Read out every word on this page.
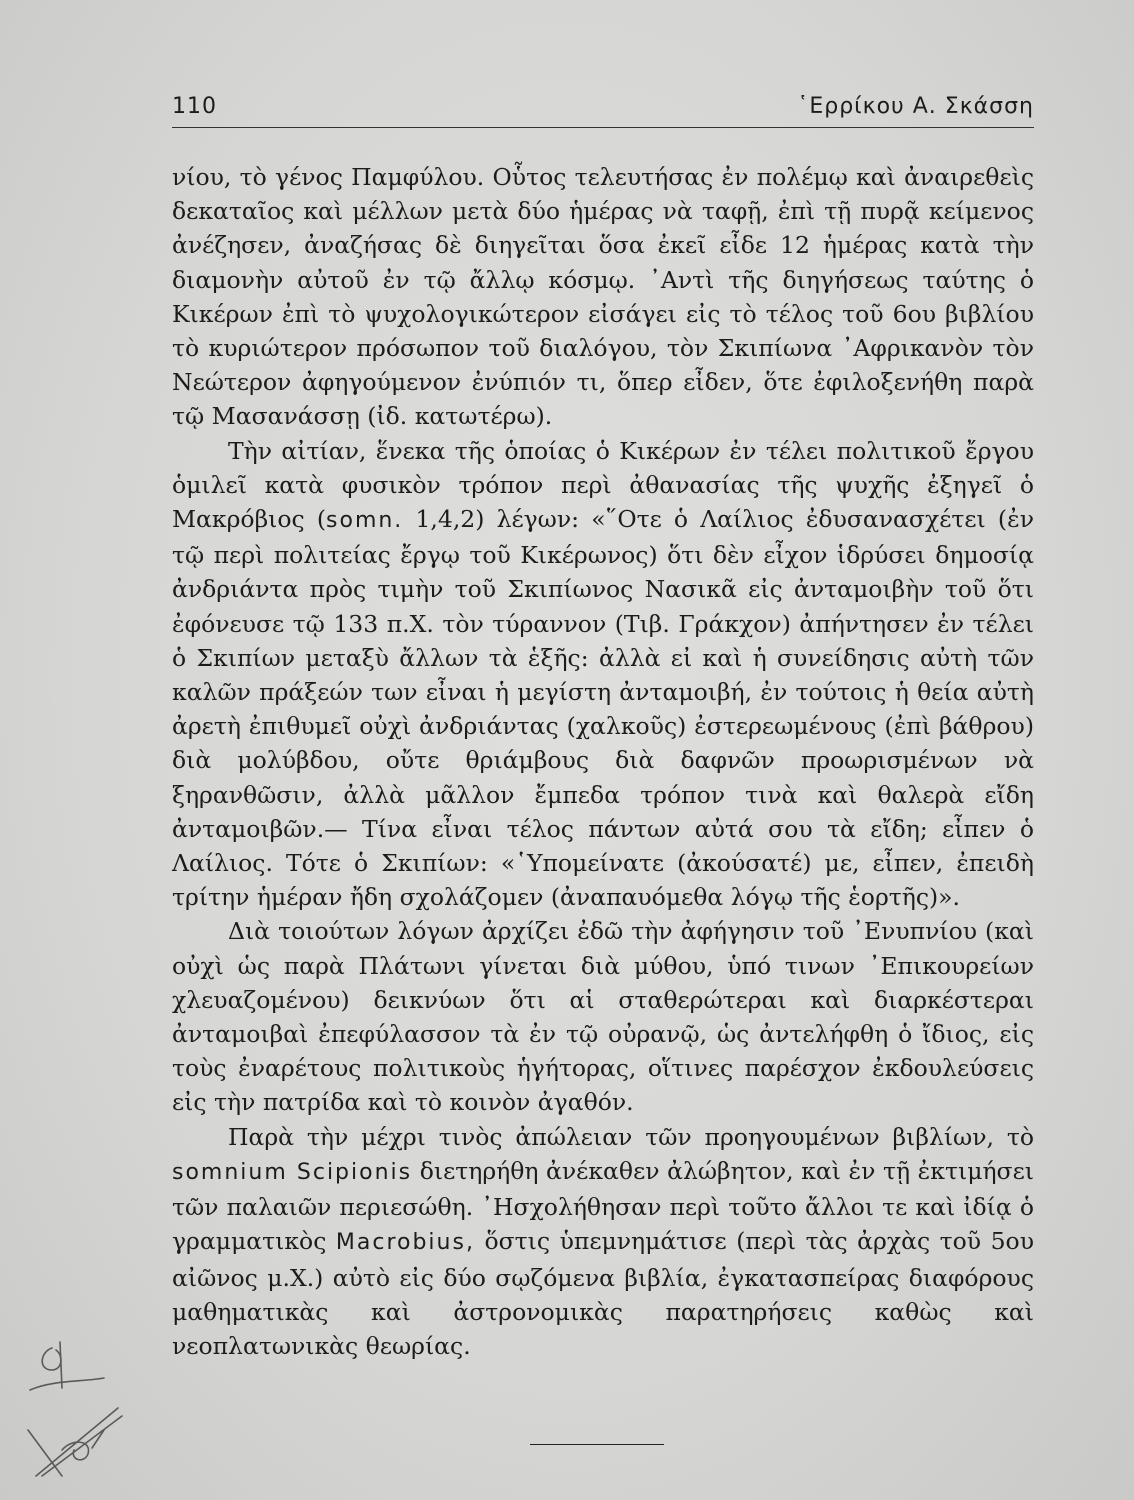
110	῾Ερρίκου Α. Σκάσση

νίου, τὸ γένος Παμφύλου. Οὗτος τελευτήσας ἐν πολέμῳ καὶ ἀναιρεθεὶς δεκαταῖος καὶ μέλλων μετὰ δύο ἡμέρας νὰ ταφῇ, ἐπὶ τῇ πυρᾷ κείμενος ἀνέζησεν, ἀναζήσας δὲ διηγεῖται ὅσα ἐκεῖ εἶδε 12 ἡμέρας κατὰ τὴν διαμονὴν αὐτοῦ ἐν τῷ ἄλλῳ κόσμῳ. ᾽Αντὶ τῆς διηγήσεως ταύτης ὁ Κικέρων ἐπὶ τὸ ψυχολογικώτερον εἰσάγει εἰς τὸ τέλος τοῦ 6ου βιβλίου τὸ κυριώτερον πρόσωπον τοῦ διαλόγου, τὸν Σκιπίωνα ᾽Αφρικανὸν τὸν Νεώτερον ἀφηγούμενον ἐνύπιόν τι, ὅπερ εἶδεν, ὅτε ἐφιλοξενήθη παρὰ τῷ Μασανάσσῃ (ἰδ. κατωτέρω).

Τὴν αἰτίαν, ἕνεκα τῆς ὁποίας ὁ Κικέρων ἐν τέλει πολιτικοῦ ἔργου ὁμιλεῖ κατὰ φυσικὸν τρόπον περὶ ἀθανασίας τῆς ψυχῆς ἐξηγεῖ ὁ Μακρόβιος (somn. 1,4,2) λέγων: «῞Οτε ὁ Λαίλιος ἐδυσανασχέτει (ἐν τῷ περὶ πολιτείας ἔργῳ τοῦ Κικέρωνος) ὅτι δὲν εἶχον ἱδρύσει δημοσίᾳ ἀνδριάντα πρὸς τιμὴν τοῦ Σκιπίωνος Νασικᾶ εἰς ἀνταμοιβὴν τοῦ ὅτι ἐφόνευσε τῷ 133 π.Χ. τὸν τύραννον (Τιβ. Γράκχον) ἀπήντησεν ἐν τέλει ὁ Σκιπίων μεταξὺ ἄλλων τὰ ἑξῆς: ἀλλὰ εἰ καὶ ἡ συνείδησις αὐτὴ τῶν καλῶν πράξεών των εἶναι ἡ μεγίστη ἀνταμοιβή, ἐν τούτοις ἡ θεία αὐτὴ ἀρετὴ ἐπιθυμεῖ οὐχὶ ἀνδριάντας (χαλκοῦς) ἐστερεωμένους (ἐπὶ βάθρου) διὰ μολύβδου, οὔτε θριάμβους διὰ δαφνῶν προωρισμένων νὰ ξηρανθῶσιν, ἀλλὰ μᾶλλον ἔμπεδα τρόπον τινὰ καὶ θαλερὰ εἴδη ἀνταμοιβῶν.— Τίνα εἶναι τέλος πάντων αὐτά σου τὰ εἴδη; εἶπεν ὁ Λαίλιος. Τότε ὁ Σκιπίων: «῾Υπομείνατε (ἀκούσατέ) με, εἶπεν, ἐπειδὴ τρίτην ἡμέραν ἤδη σχολάζομεν (ἀναπαυόμεθα λόγῳ τῆς ἑορτῆς)».

Διὰ τοιούτων λόγων ἀρχίζει ἐδῶ τὴν ἀφήγησιν τοῦ ᾽Ενυπνίου (καὶ οὐχὶ ὡς παρὰ Πλάτωνι γίνεται διὰ μύθου, ὑπό τινων ᾽Επικουρείων χλευαζομένου) δεικνύων ὅτι αἱ σταθερώτεραι καὶ διαρκέστεραι ἀνταμοιβαὶ ἐπεφύλασσον τὰ ἐν τῷ οὐρανῷ, ὡς ἀντελήφθη ὁ ἴδιος, εἰς τοὺς ἐναρέτους πολιτικοὺς ἡγήτορας, οἵτινες παρέσχον ἐκδουλεύσεις εἰς τὴν πατρίδα καὶ τὸ κοινὸν ἀγαθόν.

Παρὰ τὴν μέχρι τινὸς ἀπώλειαν τῶν προηγουμένων βιβλίων, τὸ somnium Scipionis διετηρήθη ἀνέκαθεν ἀλώβητον, καὶ ἐν τῇ ἐκτιμήσει τῶν παλαιῶν περιεσώθη. ᾽Ησχολήθησαν περὶ τοῦτο ἄλλοι τε καὶ ἰδίᾳ ὁ γραμματικὸς Macrobius, ὅστις ὑπεμνημάτισε (περὶ τὰς ἀρχὰς τοῦ 5ου αἰῶνος μ.Χ.) αὐτὸ εἰς δύο σῳζόμενα βιβλία, ἐγκατασπείρας διαφόρους μαθηματικὰς καὶ ἀστρονομικὰς παρατηρήσεις καθὼς καὶ νεοπλατωνικὰς θεωρίας.
